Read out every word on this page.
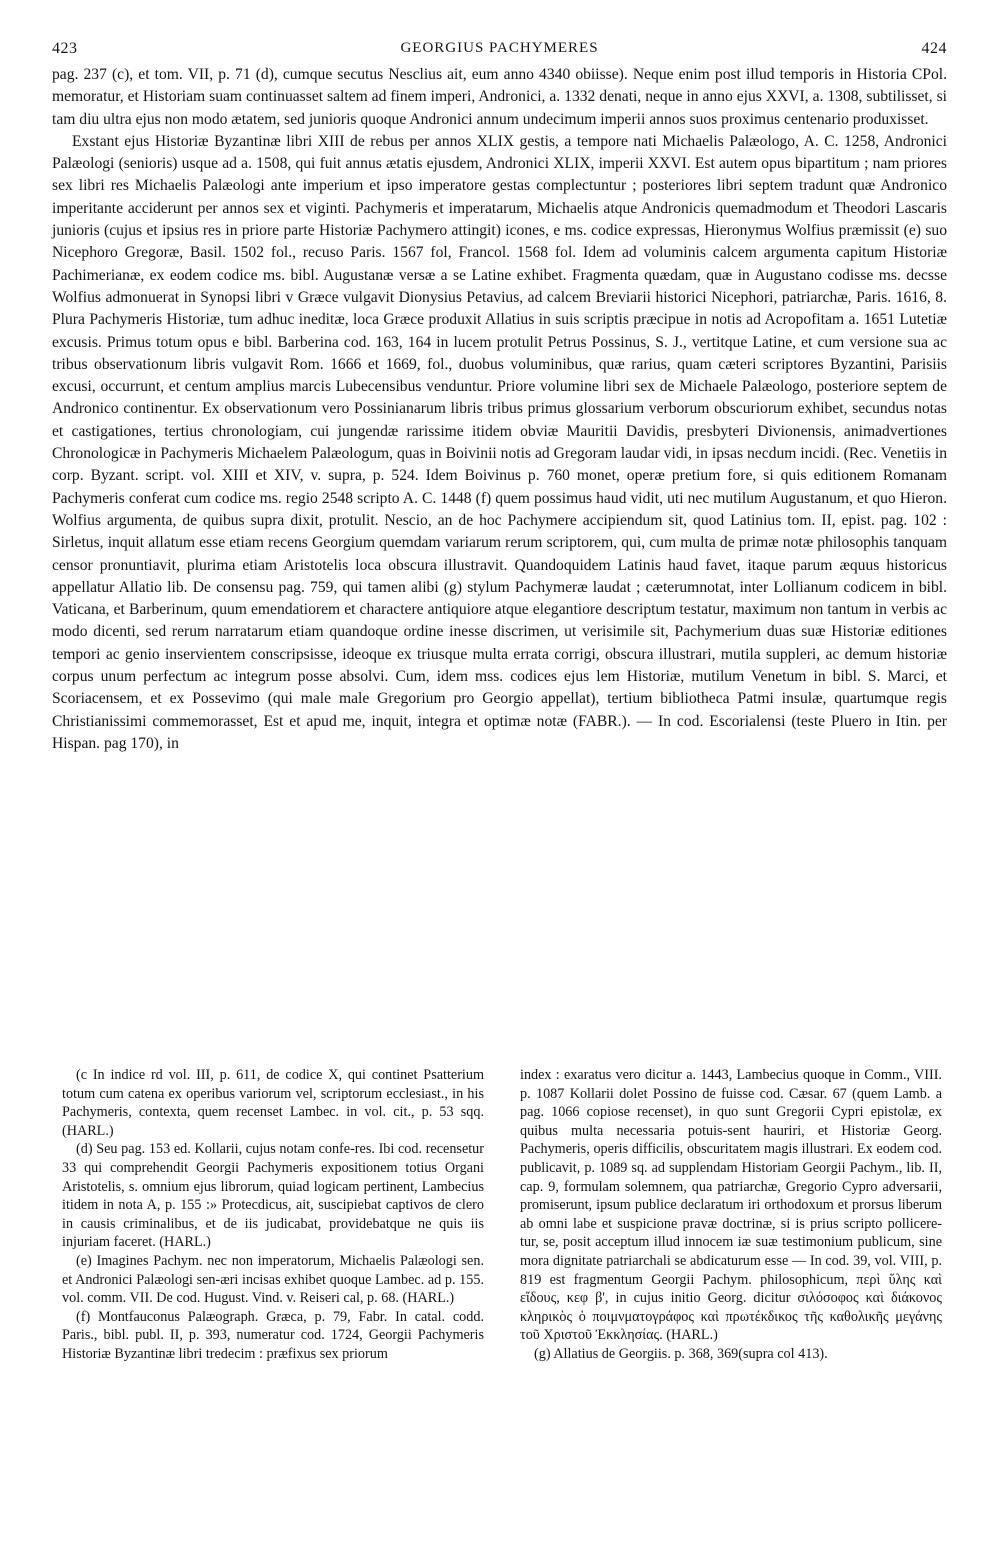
423	GEORGIUS PACHYMERES	424

pag. 237 (c), et tom. VII, p. 71 (d), cumque secutus Nesclius ait, eum anno 4340 obiisse). Neque enim post illud temporis in Historia CPol. memoratur, et Historiam suam continuasset saltem ad finem imperi, Andronici, a. 1332 denati, neque in anno ejus XXVI, a. 1308, subtilisset, si tam diu ultra ejus non modo ætatem, sed junioris quoque Andronici annum undecimum imperii annos suos proximus centenario produxisset.

Exstant ejus Historiæ Byzantinæ libri XIII de rebus per annos XLIX gestis, a tempore nati Michaelis Palæologo, A. C. 1258, Andronici Palæologi (senioris) usque ad a. 1508, qui fuit annus ætatis ejusdem, Andronici XLIX, imperii XXVI. Est autem opus bipartitum ; nam priores sex libri res Michaelis Palæologi ante imperium et ipso imperatore gestas complectuntur ; posteriores libri septem tradunt quæ Andronico imperitante acciderunt per annos sex et viginti. Pachymeris et imperatarum, Michaelis atque Andronicis quemadmodum et Theodori Lascaris junioris (cujus et ipsius res in priore parte Historiæ Pachymero attingit) icones, e ms. codice expressas, Hieronymus Wolfius præmissit (e) suo Nicephoro Gregoræ, Basil. 1502 fol., recuso Paris. 1567 fol, Francol. 1568 fol. Idem ad voluminis calcem argumenta capitum Historiæ Pachimerianæ, ex eodem codice ms. bibl. Augustanæ versæ a se Latine exhibet. Fragmenta quædam, quæ in Augustano codisse ms. decsse Wolfius admonuerat in Synopsi libri v Græce vulgavit Dionysius Petavius, ad calcem Breviarii historici Nicephori, patriarchæ, Paris. 1616, 8. Plura Pachymeris Historiæ, tum adhuc ineditæ, loca Græce produxit Allatius in suis scriptis præcipue in notis ad Acropofitam a. 1651 Lutetiæ excusis. Primus totum opus e bibl. Barberina cod. 163, 164 in lucem protulit Petrus Possinus, S. J., vertitque Latine, et cum versione sua ac tribus observationum libris vulgavit Rom. 1666 et 1669, fol., duobus voluminibus, quæ rarius, quam cæteri scriptores Byzantini, Parisiis excusi, occurrunt, et centum amplius marcis Lubecensibus venduntur. Priore volumine libri sex de Michaele Palæologo, posteriore septem de Andronico continentur. Ex observationum vero Possinianarum libris tribus primus glossarium verborum obscuriorum exhibet, secundus notas et castigationes, tertius chronologiam, cui jungendæ rarissime itidem obviæ Mauritii Davidis, presbyteri Divionensis, animadvertiones Chronologicæ in Pachymeris Michaelem Palæologum, quas in Boivinii notis ad Gregoram laudar vidi, in ipsas necdum incidi. (Rec. Venetiis in corp. Byzant. script. vol. XIII et XIV, v. supra, p. 524. Idem Boivinus p. 760 monet, operæ pretium fore, si quis editionem Romanam Pachymeris conferat cum codice ms. regio 2548 scripto A. C. 1448 (f) quem possimus haud vidit, uti nec mutilum Augustanum, et quo Hieron. Wolfius argumenta, de quibus supra dixit, protulit. Nescio, an de hoc Pachymere accipiendum sit, quod Latinius tom. II, epist. pag. 102 : Sirletus, inquit allatum esse etiam recens Georgium quemdam variarum rerum scriptorem, qui, cum multa de primæ notæ philosophis tanquam censor pronuntiavit, plurima etiam Aristotelis loca obscura illustravit. Quandoquidem Latinis haud favet, itaque parum æquus historicus appellatur Allatio lib. De consensu pag. 759, qui tamen alibi (g) stylum Pachymeræ laudat ; cæterumnotat, inter Lollianum codicem in bibl. Vaticana, et Barberinum, quum emendatiorem et charactere antiquiore atque elegantiore descriptum testatur, maximum non tantum in verbis ac modo dicenti, sed rerum narratarum etiam quandoque ordine inesse discrimen, ut verisimile sit, Pachymerium duas suæ Historiæ editiones tempori ac genio inservientem conscripsisse, ideoque ex triusque multa errata corrigi, obscura illustrari, mutila suppleri, ac demum historiæ corpus unum perfectum ac integrum posse absolvi. Cum, idem mss. codices ejus lem Historiæ, mutilum Venetum in bibl. S. Marci, et Scoriacensem, et ex Possevimo (qui male male Gregorium pro Georgio appellat), tertium bibliotheca Patmi insulæ, quartumque regis Christianissimi commemorasset, Est et apud me, inquit, integra et optimæ notæ (FABR.). — In cod. Escorialensi (teste Pluero in Itin. per Hispan. pag 170), in

(c In indice rd vol. III, p. 611, de codice X, qui continet Psatterium totum cum catena ex operibus variorum vel, scriptorum ecclesiast., in his Pachymeris, contexta, quem recenset Lambec. in vol. cit., p. 53 sqq. (HARL.)

(d) Seu pag. 153 ed. Kollarii, cujus notam confe-res. Ibi cod. recensetur 33 qui comprehendit Georgii Pachymeris expositionem totius Organi Aristotelis, s. omnium ejus librorum, quiad logicam pertinent, Lambecius itidem in nota A, p. 155 :» Protecdicus, ait, suscipiebat captivos de clero in causis criminalibus, et de iis judicabat, providebatque ne quis iis injuriam faceret. (HARL.)

(e) Imagines Pachym. nec non imperatorum, Michaelis Palæologi sen. et Andronici Palæologi sen-æri incisas exhibet quoque Lambec. ad p. 155. vol. comm. VII. De cod. Hugust. Vind. v. Reiseri cal, p. 68. (HARL.)

(f) Montfauconus Palæograph. Græca, p. 79, Fabr. In catal. codd. Paris., bibl. publ. II, p. 393, numeratur cod. 1724, Georgii Pachymeris Historiæ Byzantinæ libri tredecim : præfixus sex priorum

index : exaratus vero dicitur a. 1443, Lambecius quoque in Comm., VIII. p. 1087 Kollarii dolet Possino de fuisse cod. Cæsar. 67 (quem Lamb. a pag. 1066 copiose recenset), in quo sunt Gregorii Cypri epistolæ, ex quibus multa necessaria potuis-sent hauriri, et Historiæ Georg. Pachymeris, operis difficilis, obscuritatem magis illustrari. Ex eodem cod. publicavit, p. 1089 sq. ad supplendam Historiam Georgii Pachym., lib. II, cap. 9, formulam solemnem, qua patriarchæ, Gregorio Cypro adversarii, promiserunt, ipsum publice declaratum iri orthodoxum et prorsus liberum ab omni labe et suspicione pravæ doctrinæ, si is prius scripto pollicere-tur, se, posit acceptum illud innocem iæ suæ testimonium publicum, sine mora dignitate patriarchali se abdicaturum esse — In cod. 39, vol. VIII, p. 819 est fragmentum Georgii Pachym. philosophicum, περὶ ὕλης καὶ εἴδους, κεφ β', in cujus initio Georg. dicitur σιλόσοφος καὶ διάκονος κληρικὸς ὁ ποιμνματογράφος καὶ πρωτέκδικος τῆς καθολικῆς μεγάνης τοῦ Χριστοῦ Ἐκκλησίας. (HARL.)

(g) Allatius de Georgiis. p. 368, 369(supra col 413).
